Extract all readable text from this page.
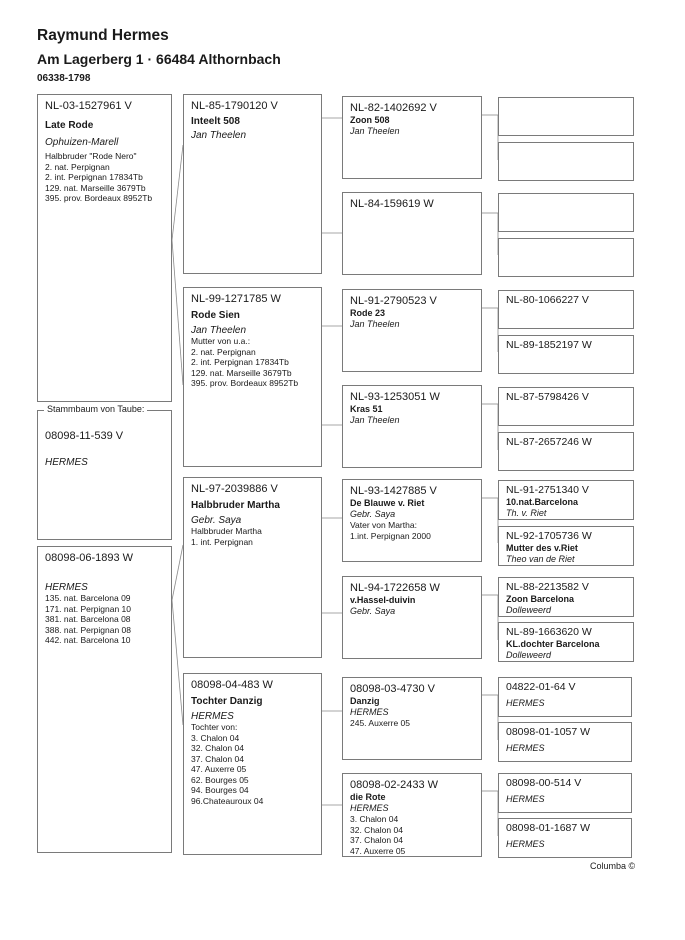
Raymund Hermes
Am Lagerberg 1 · 66484 Althornbach
06338-1798
NL-03-1527961 V
Late Rode
Ophuizen-Marell
Halbbruder "Rode Nero"
2. nat. Perpignan
2. int. Perpignan 17834Tb
129. nat. Marseille 3679Tb
395. prov. Bordeaux 8952Tb
08098-11-539 V
HERMES
Stammbaum von Taube:
08098-06-1893 W
HERMES
135. nat. Barcelona 09
171. nat. Perpignan 10
381. nat. Barcelona 08
388. nat. Perpignan 08
442. nat. Barcelona 10
NL-85-1790120 V
Inteelt 508
Jan Theelen
NL-99-1271785 W
Rode Sien
Jan Theelen
Mutter von u.a.:
2. nat. Perpignan
2. int. Perpignan 17834Tb
129. nat. Marseille 3679Tb
395. prov. Bordeaux 8952Tb
NL-97-2039886 V
Halbbruder Martha
Gebr. Saya
Halbbruder Martha
1. int. Perpignan
08098-04-483 W
Tochter Danzig
HERMES
Tochter von:
3. Chalon 04
32. Chalon 04
37. Chalon 04
47. Auxerre 05
62. Bourges 05
94. Bourges 04
96.Chateauroux 04
NL-82-1402692 V
Zoon 508
Jan Theelen
NL-84-159619 W
NL-91-2790523 V
Rode 23
Jan Theelen
NL-93-1253051 W
Kras 51
Jan Theelen
NL-93-1427885 V
De Blauwe v. Riet
Gebr. Saya
Vater von Martha:
1.int. Perpignan 2000
NL-94-1722658 W
v.Hassel-duivin
Gebr. Saya
08098-03-4730 V
Danzig
HERMES
245. Auxerre 05
08098-02-2433 W
die Rote
HERMES
3. Chalon 04
32. Chalon 04
37. Chalon 04
47. Auxerre 05
NL-80-1066227 V
NL-89-1852197 W
NL-87-5798426 V
NL-87-2657246 W
NL-91-2751340 V
10.nat.Barcelona
Th. v. Riet
NL-92-1705736 W
Mutter des v.Riet
Theo van de Riet
NL-88-2213582 V
Zoon Barcelona
Dolleweerd
NL-89-1663620 W
KL.dochter Barcelona
Dolleweerd
04822-01-64 V
HERMES
08098-01-1057 W
HERMES
08098-00-514 V
HERMES
08098-01-1687 W
HERMES
Columba ©
